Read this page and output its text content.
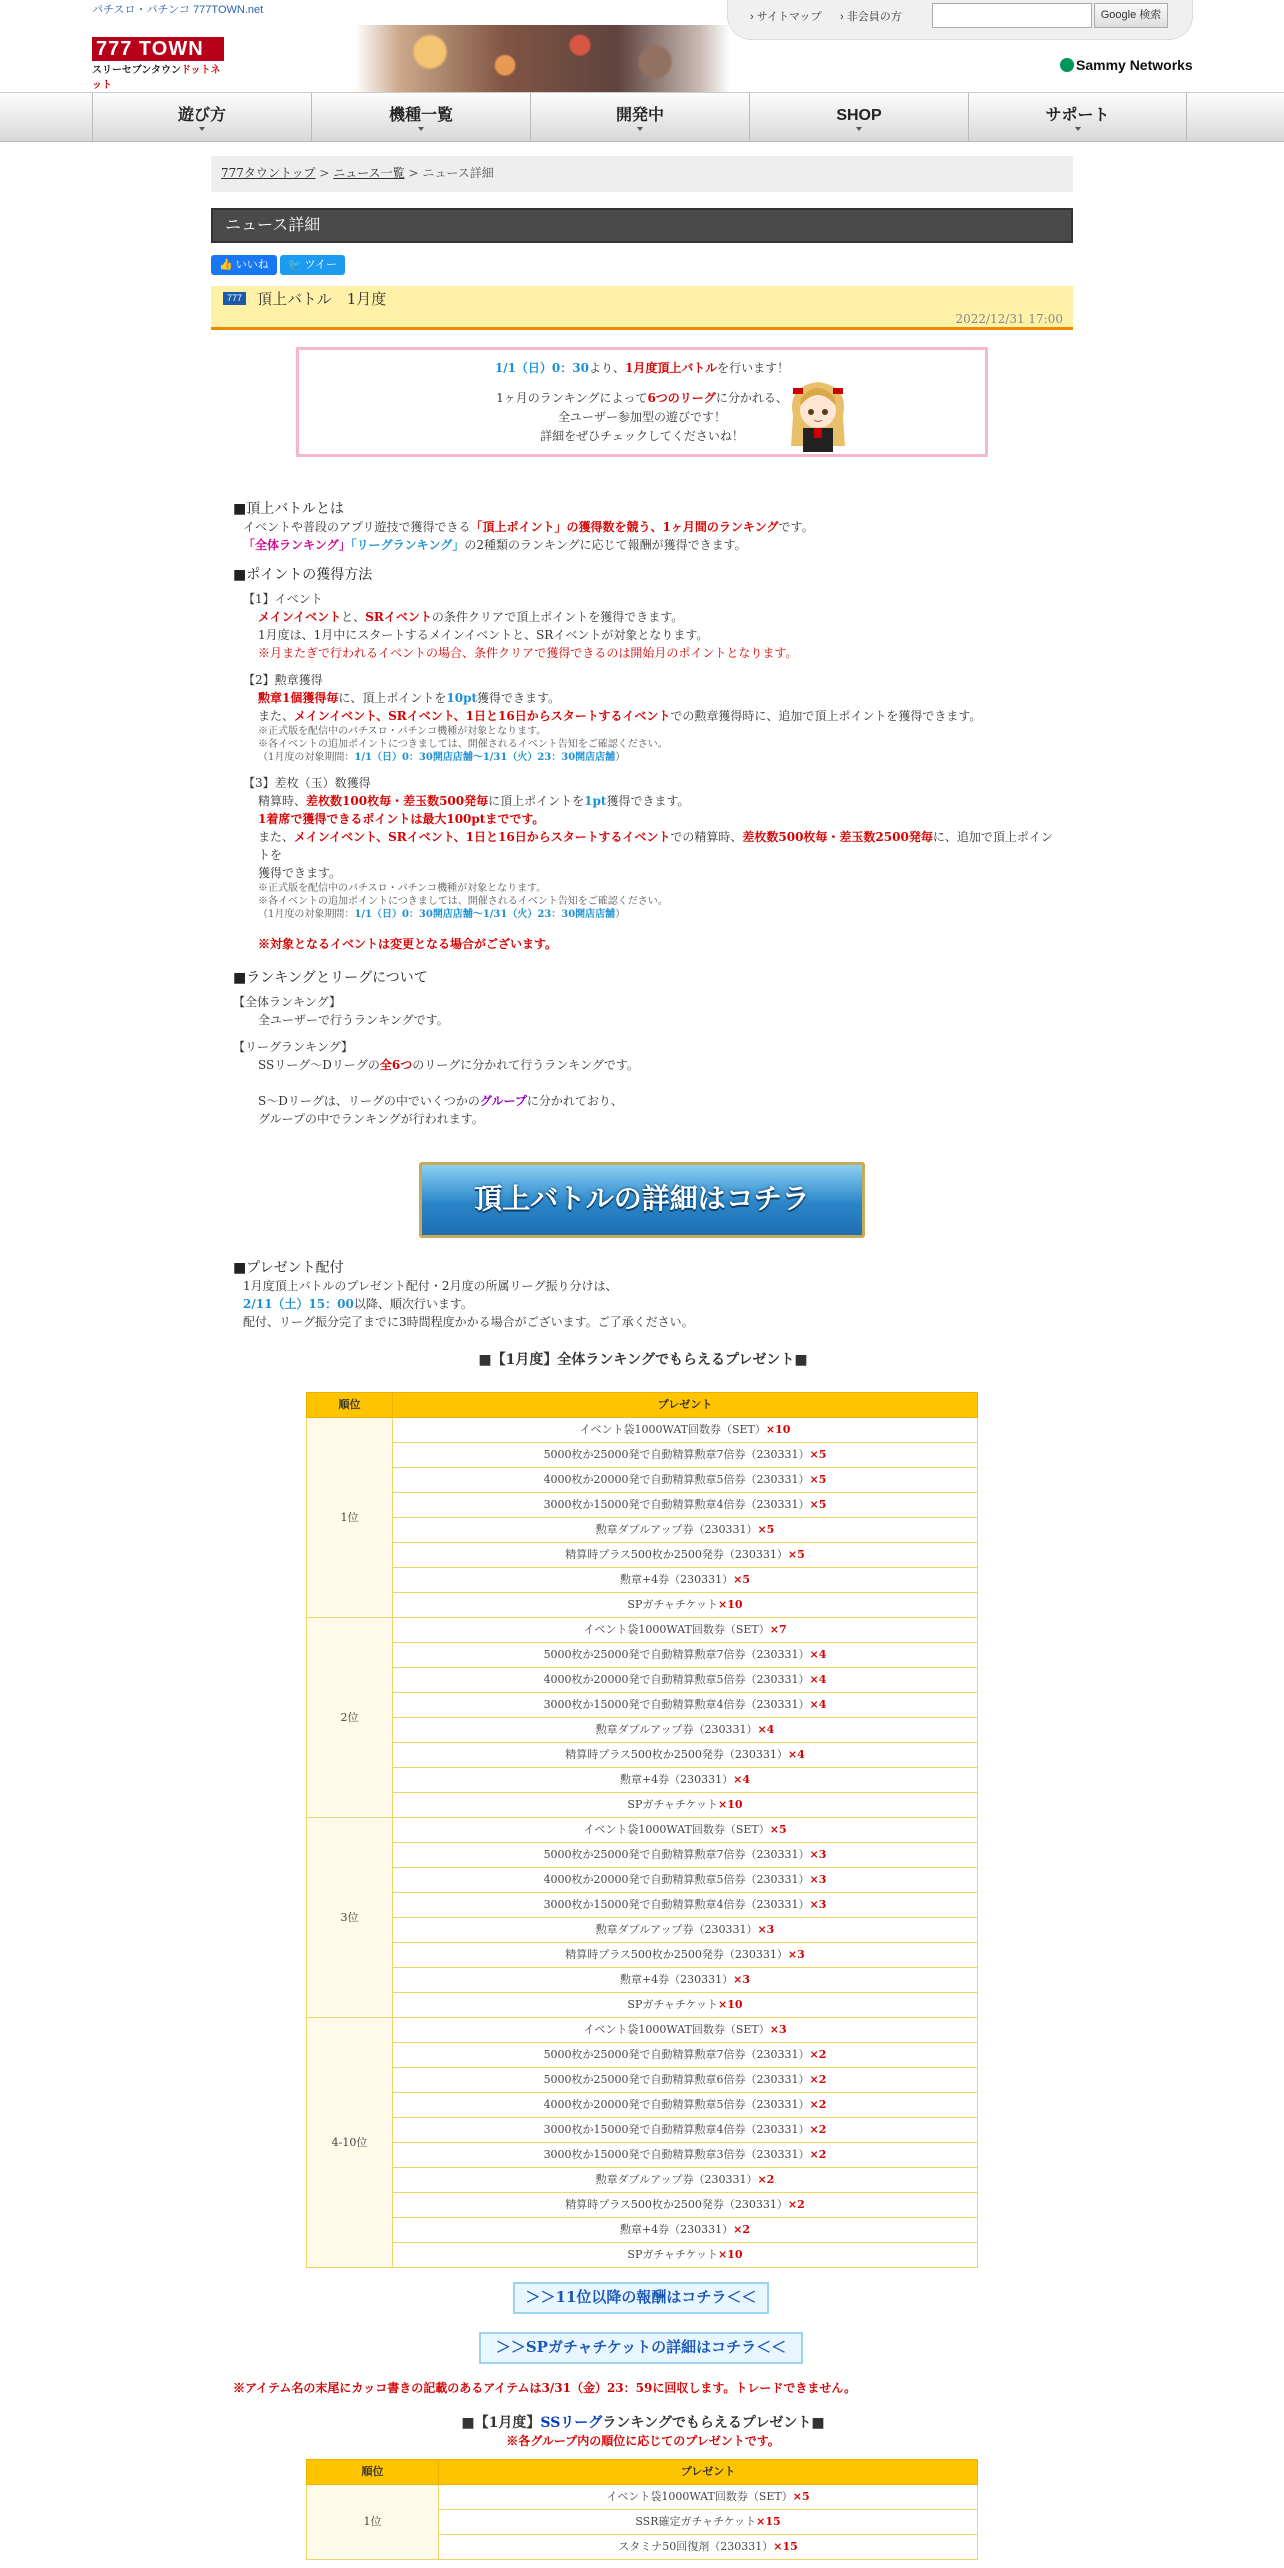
パチスロ・パチンコ 777TOWN.net
› サイトマップ › 非会員の方	Google 検索
777 TOWN
スリーセブンタウンドットネット
Sammy Networks
遊び方	機種一覧	開発中	SHOP	サポート
777タウントップ > ニュース一覧 > ニュース詳細
ニュース詳細
👍 いいね 🐦 ツイー
777 頂上バトル　1月度
2022/12/31 17:00
1/1（日）0：30より、1月度頂上バトルを行います！
1ヶ月のランキングによって6つのリーグに分かれる、
全ユーザー参加型の遊びです！
詳細をぜひチェックしてくださいね！
■頂上バトルとは

イベントや普段のアプリ遊技で獲得できる「頂上ポイント」の獲得数を競う、1ヶ月間のランキングです。

「全体ランキング」「リーグランキング」の2種類のランキングに応じて報酬が獲得できます。

■ポイントの獲得方法

【1】イベント

メインイベントと、SRイベントの条件クリアで頂上ポイントを獲得できます。

1月度は、1月中にスタートするメインイベントと、SRイベントが対象となります。

※月またぎで行われるイベントの場合、条件クリアで獲得できるのは開始月のポイントとなります。

【2】勲章獲得

勲章1個獲得毎に、頂上ポイントを10pt獲得できます。

また、メインイベント、SRイベント、1日と16日からスタートするイベントでの勲章獲得時に、追加で頂上ポイントを獲得できます。

※正式版を配信中のパチスロ・パチンコ機種が対象となります。

※各イベントの追加ポイントにつきましては、開催されるイベント告知をご確認ください。

（1月度の対象期間：1/1（日）0：30開店店舗～1/31（火）23：30開店店舗）

【3】差枚（玉）数獲得

精算時、差枚数100枚毎・差玉数500発毎に頂上ポイントを1pt獲得できます。

1着席で獲得できるポイントは最大100ptまでです。

また、メインイベント、SRイベント、1日と16日からスタートするイベントでの精算時、差枚数500枚毎・差玉数2500発毎に、追加で頂上ポイントを

獲得できます。

※正式版を配信中のパチスロ・パチンコ機種が対象となります。

※各イベントの追加ポイントにつきましては、開催されるイベント告知をご確認ください。

（1月度の対象期間：1/1（日）0：30開店店舗～1/31（火）23：30開店店舗）

※対象となるイベントは変更となる場合がございます。

■ランキングとリーグについて

【全体ランキング】

全ユーザーで行うランキングです。

【リーグランキング】

SSリーグ～Dリーグの全6つのリーグに分かれて行うランキングです。

S～Dリーグは、リーグの中でいくつかのグループに分かれており、

グループの中でランキングが行われます。

頂上バトルの詳細はコチラ
■プレゼント配付

1月度頂上バトルのプレゼント配付・2月度の所属リーグ振り分けは、

2/11（土）15：00以降、順次行います。

配付、リーグ振分完了までに3時間程度かかる場合がございます。ご了承ください。

■【1月度】全体ランキングでもらえるプレゼント■
順位	プレゼント
1位	イベント袋1000WAT回数券（SET）×10
	5000枚か25000発で自動精算勲章7倍券（230331）×5
	4000枚か20000発で自動精算勲章5倍券（230331）×5
	3000枚か15000発で自動精算勲章4倍券（230331）×5
	勲章ダブルアップ券（230331）×5
	精算時プラス500枚か2500発券（230331）×5
	勲章+4券（230331）×5
	SPガチャチケット×10
2位	イベント袋1000WAT回数券（SET）×7
	5000枚か25000発で自動精算勲章7倍券（230331）×4
	4000枚か20000発で自動精算勲章5倍券（230331）×4
	3000枚か15000発で自動精算勲章4倍券（230331）×4
	勲章ダブルアップ券（230331）×4
	精算時プラス500枚か2500発券（230331）×4
	勲章+4券（230331）×4
	SPガチャチケット×10
3位	イベント袋1000WAT回数券（SET）×5
	5000枚か25000発で自動精算勲章7倍券（230331）×3
	4000枚か20000発で自動精算勲章5倍券（230331）×3
	3000枚か15000発で自動精算勲章4倍券（230331）×3
	勲章ダブルアップ券（230331）×3
	精算時プラス500枚か2500発券（230331）×3
	勲章+4券（230331）×3
	SPガチャチケット×10
4-10位	イベント袋1000WAT回数券（SET）×3
	5000枚か25000発で自動精算勲章7倍券（230331）×2
	5000枚か25000発で自動精算勲章6倍券（230331）×2
	4000枚か20000発で自動精算勲章5倍券（230331）×2
	3000枚か15000発で自動精算勲章4倍券（230331）×2
	3000枚か15000発で自動精算勲章3倍券（230331）×2
	勲章ダブルアップ券（230331）×2
	精算時プラス500枚か2500発券（230331）×2
	勲章+4券（230331）×2
	SPガチャチケット×10
＞＞11位以降の報酬はコチラ＜＜
＞＞SPガチャチケットの詳細はコチラ＜＜
※アイテム名の末尾にカッコ書きの記載のあるアイテムは3/31（金）23：59に回収します。トレードできません。
■【1月度】SSリーグランキングでもらえるプレゼント■
※各グループ内の順位に応じてのプレゼントです。
順位	プレゼント
1位	イベント袋1000WAT回数券（SET）×5
	SSR確定ガチャチケット×15
	スタミナ50回復剤（230331）×15
